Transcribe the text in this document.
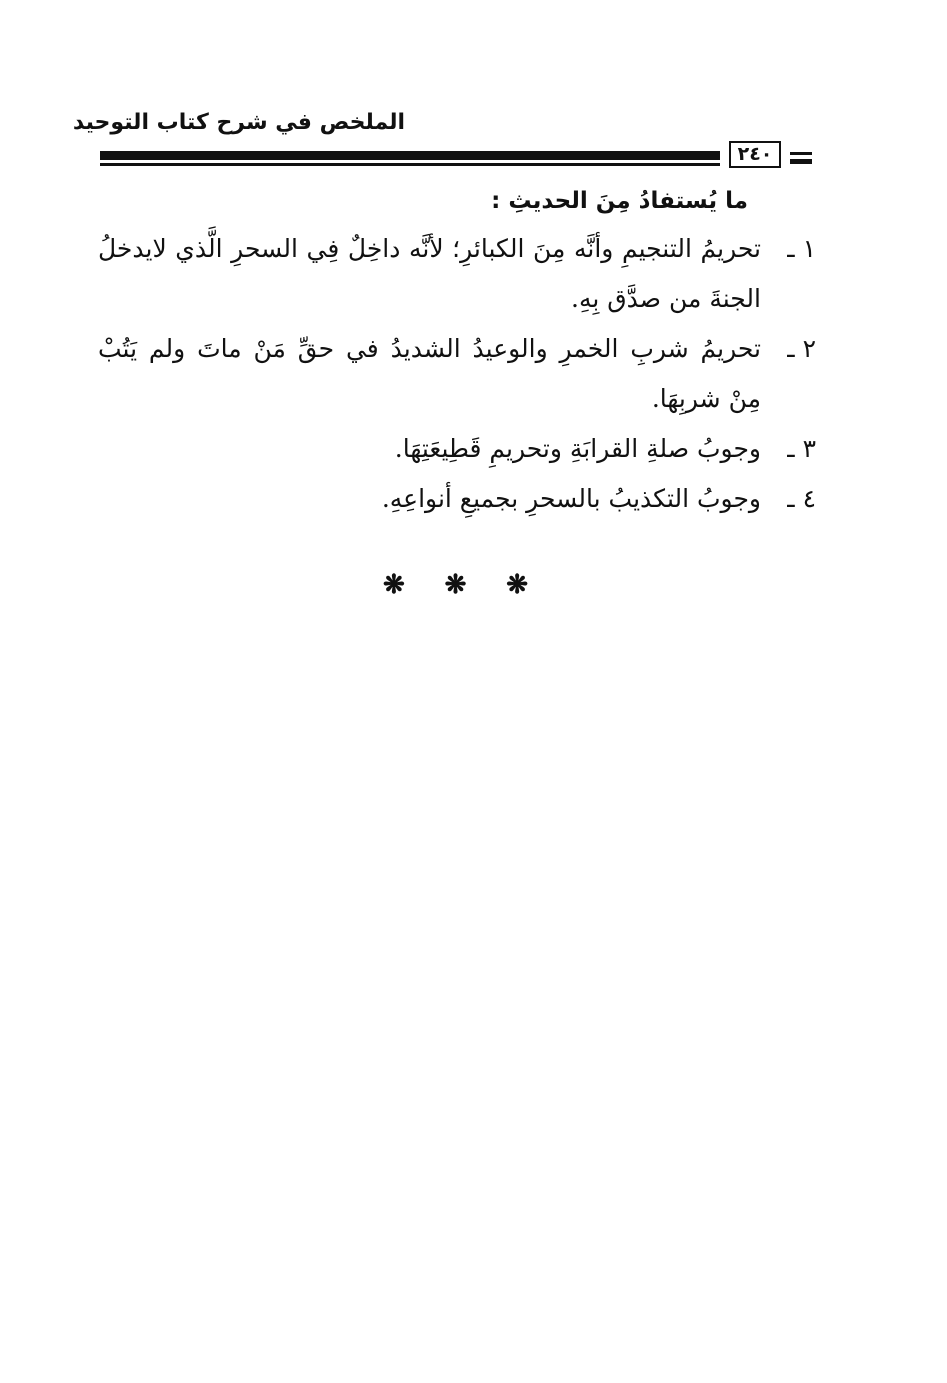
الملخص في شرح كتاب التوحيد
٢٤٠
ما يُستفادُ مِنَ الحديثِ :
١ ـ
تحريمُ التنجيمِ وأنَّه مِنَ الكبائرِ؛ لأنَّه داخِلٌ فِي السحرِ الَّذي لايدخلُ الجنةَ من صدَّق بِهِ.
٢ ـ
تحريمُ شربِ الخمرِ والوعيدُ الشديدُ في حقِّ مَنْ ماتَ ولم يَتُبْ مِنْ شربِهَا.
٣ ـ
وجوبُ صلةِ القرابَةِ وتحريمِ قَطِيعَتِهَا.
٤ ـ
وجوبُ التكذيبُ بالسحرِ بجميعِ أنواعِهِ.
❋ ❋ ❋
